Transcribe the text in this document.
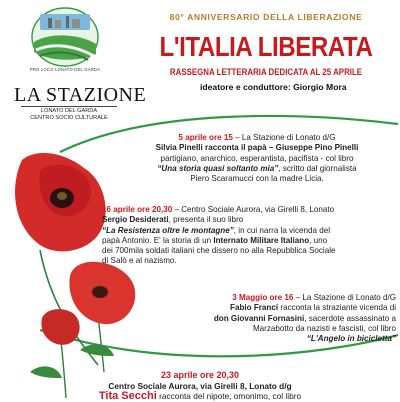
PRO LOCO LONATO DEL GARDA
LA STAZIONE
LONATO DEL GARDA
CENTRO SOCIO CULTURALE
80° ANNIVERSARIO DELLA LIBERAZIONE
L'ITALIA LIBERATA
RASSEGNA LETTERARIA DEDICATA AL 25 APRILE
ideatore e conduttore: Giorgio Mora

5 aprile ore 15 – La Stazione di Lonato d/G

Silvia Pinelli racconta il papà – Giuseppe Pino Pinelli

partigiano, anarchico, esperantista, pacifista - col libro

“Una storia quasi soltanto mia”, scritto dal giornalista

Piero Scaramucci con la madre Licia.

16 aprile ore 20,30 – Centro Sociale Aurora, via Girelli 8, Lonato

Sergio Desiderati, presenta il suo libro

“La Resistenza oltre le montagne”, in cui narra la vicenda del

papà Antonio. E' la storia di un Internato Militare Italiano, uno

dei 700mila soldati italiani che dissero no alla Repubblica Sociale

di Salò e al nazismo.

3 Maggio ore 16 – La Stazione di Lonato d/G

Fabio Franci racconta la straziante vicenda di

don Giovanni Fornasini, sacerdote assassinato a

Marzabotto da nazisti e fascisti, col libro

“L'Angelo in bicicletta”

23 aprile ore 20,30

Centro Sociale Aurora, via Girelli 8, Lonato d/g

Tita Secchi racconta del nipote, omonimo, col libro
